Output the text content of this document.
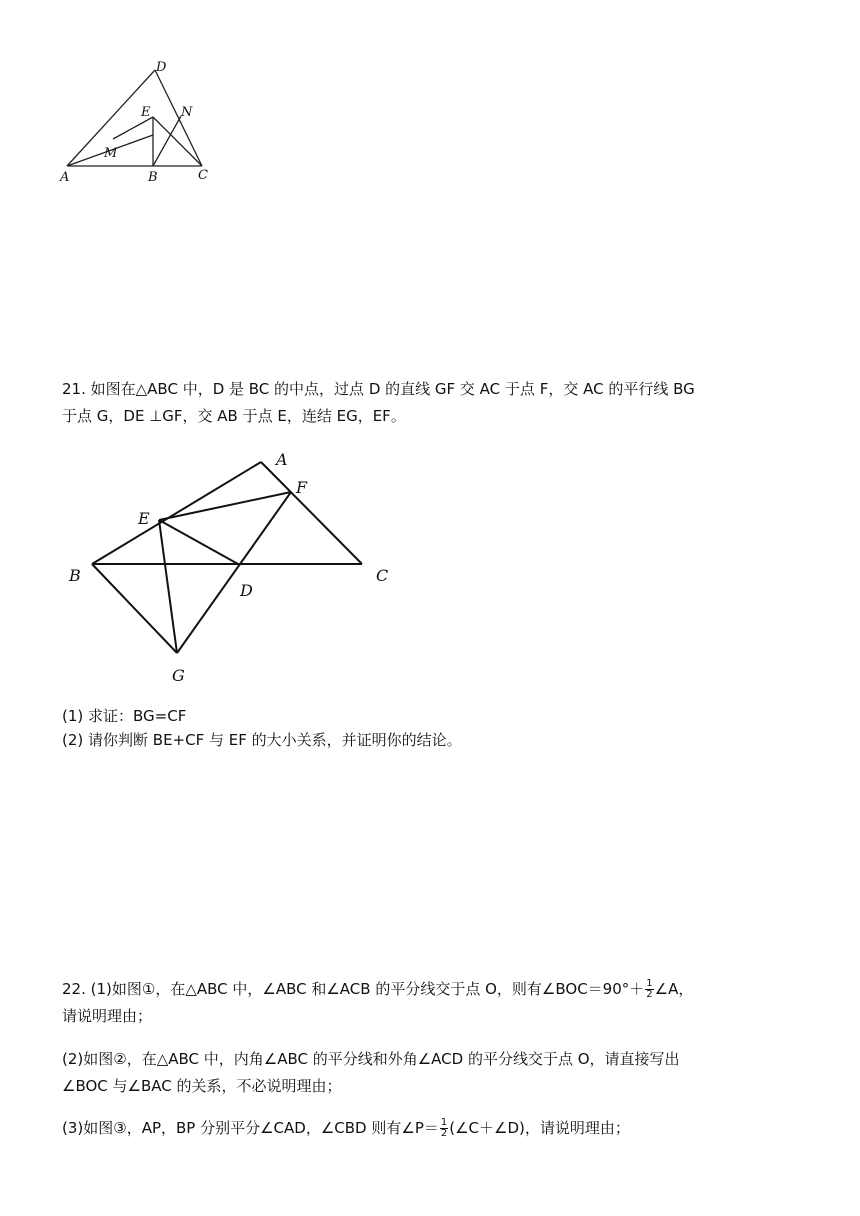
D
E N
M
A	B	C
21. 如图在△ABC 中，D 是 BC 的中点，过点 D 的直线 GF 交 AC 于点 F，交 AC 的平行线 BG
于点 G，DE ⊥GF，交 AB 于点 E，连结 EG，EF。
A
F
E
B	C
D
G
(1) 求证：BG=CF
(2) 请你判断 BE+CF 与 EF 的大小关系，并证明你的结论。
22. (1)如图①，在△ABC 中，∠ABC 和∠ACB 的平分线交于点 O，则有∠BOC＝90°＋ $\frac{1}{2}$ ∠A，
请说明理由；
(2)如图②，在△ABC 中，内角∠ABC 的平分线和外角∠ACD 的平分线交于点 O，请直接写出
∠BOC 与∠BAC 的关系，不必说明理由；
(3)如图③，AP，BP 分别平分∠CAD，∠CBD 则有∠P＝ $\frac{1}{2}$ (∠C＋∠D)，请说明理由；
